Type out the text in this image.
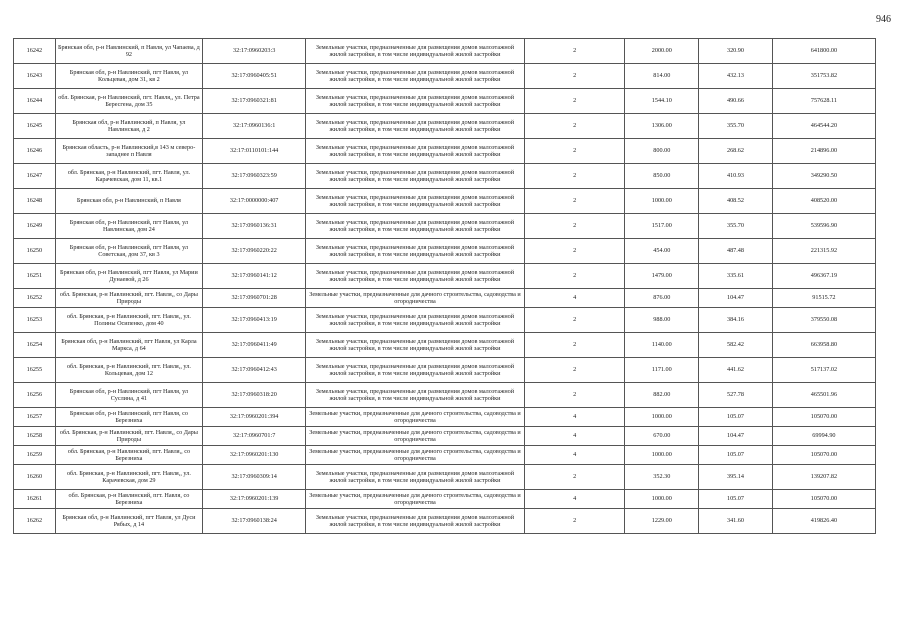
946
16242	Брянская обл, р-н Навлинский, п Навля, ул Чапаева, д 92	32:17:0960203:3	Земельные участки, предназначенные для размещения домов малоэтажной жилой застройки, в том числе индивидуальной жилой застройки	2	2000.00	320.90	641800.00
16243	Брянская обл, р-н Навлинский, пгт Навля, ул Кольцевая, дом 31, кв 2	32:17:0960405:51	Земельные участки, предназначенные для размещения домов малоэтажной жилой застройки, в том числе индивидуальной жилой застройки	2	814.00	432.13	351753.82
16244	обл. Брянская, р-н Навлинский, пгт. Навля,, ул. Петра Бересгена, дом 35	32:17:0960321:81	Земельные участки, предназначенные для размещения домов малоэтажной жилой застройки, в том числе индивидуальной жилой застройки	2	1544.10	490.66	757628.11
16245	Брянская обл, р-н Навлинский, п Навля, ул Навлинская, д 2	32:17:0960136:1	Земельные участки, предназначенные для размещения домов малоэтажной жилой застройки, в том числе индивидуальной жилой застройки	2	1306.00	355.70	464544.20
16246	Брянская область, р-н Навлинский,в 143 м северо-западнее п Навля	32:17:0110101:144	Земельные участки, предназначенные для размещения домов малоэтажной жилой застройки, в том числе индивидуальной жилой застройки	2	800.00	268.62	214896.00
16247	обл. Брянская, р-н Навлинский, пгт. Навля, ул. Карачевская, дом 11, кв.1	32:17:0960323:59	Земельные участки, предназначенные для размещения домов малоэтажной жилой застройки, в том числе индивидуальной жилой застройки	2	850.00	410.93	349290.50
16248	Брянская обл, р-н Навлинский, п Навля	32:17:0000000:407	Земельные участки, предназначенные для размещения домов малоэтажной жилой застройки, в том числе индивидуальной жилой застройки	2	1000.00	408.52	408520.00
16249	Брянская обл, р-н Навлинский, пгт Навля, ул Навлинская, дом 24	32:17:0960136:31	Земельные участки, предназначенные для размещения домов малоэтажной жилой застройки, в том числе индивидуальной жилой застройки	2	1517.00	355.70	539596.90
16250	Брянская обл, р-н Навлинский, пгт Навля, ул Советская, дом 37, кв 3	32:17:0960220:22	Земельные участки, предназначенные для размещения домов малоэтажной жилой застройки, в том числе индивидуальной жилой застройки	2	454.00	487.48	221315.92
16251	Брянская обл, р-н Навлинский, пгт Навля, ул Марии Дунаевой, д 26	32:17:0960141:12	Земельные участки, предназначенные для размещения домов малоэтажной жилой застройки, в том числе индивидуальной жилой застройки	2	1479.00	335.61	496367.19
16252	обл. Брянская, р-н Навлинский, пгт. Навля,, со Дары Природы	32:17:0960701:28	Земельные участки, предназначенные для дачного строительства, садоводства и огородничества	4	876.00	104.47	91515.72
16253	обл. Брянская, р-н Навлинский, пгт. Навля,, ул. Полины Осипенко, дом 40	32:17:0960413:19	Земельные участки, предназначенные для размещения домов малоэтажной жилой застройки, в том числе индивидуальной жилой застройки	2	988.00	384.16	379550.08
16254	Брянская обл, р-н Навлинский, пгт Навля, ул Карла Маркса, д 64	32:17:0960411:49	Земельные участки, предназначенные для размещения домов малоэтажной жилой застройки, в том числе индивидуальной жилой застройки	2	1140.00	582.42	663958.80
16255	обл. Брянская, р-н Навлинский, пгт. Навля,, ул. Кольцевая, дом 12	32:17:0960412:43	Земельные участки, предназначенные для размещения домов малоэтажной жилой застройки, в том числе индивидуальной жилой застройки	2	1171.00	441.62	517137.02
16256	Брянская обл, р-н Навлинский, пгт Навля, ул Суслина, д 41	32:17:0960318:20	Земельные участки, предназначенные для размещения домов малоэтажной жилой застройки, в том числе индивидуальной жилой застройки	2	882.00	527.78	465501.96
16257	Брянская обл, р-н Навлинский, пгт Навля, со Березниха	32:17:0960201:394	Земельные участки, предназначенные для дачного строительства, садоводства и огородничества	4	1000.00	105.07	105070.00
16258	обл. Брянская, р-н Навлинский, пгт. Навля,, со Дары Природы	32:17:0960701:7	Земельные участки, предназначенные для дачного строительства, садоводства и огородничества	4	670.00	104.47	69994.90
16259	обл. Брянская, р-н Навлинский, пгт. Навля,, со Березниха	32:17:0960201:130	Земельные участки, предназначенные для дачного строительства, садоводства и огородничества	4	1000.00	105.07	105070.00
16260	обл. Брянская, р-н Навлинский, пгт. Навля,, ул. Карачевская, дом 29	32:17:0960309:14	Земельные участки, предназначенные для размещения домов малоэтажной жилой застройки, в том числе индивидуальной жилой застройки	2	352.30	395.14	139207.82
16261	обл. Брянская, р-н Навлинский, пгт. Навля, со Березниха	32:17:0960201:139	Земельные участки, предназначенные для дачного строительства, садоводства и огородничества	4	1000.00	105.07	105070.00
16262	Брянская обл, р-н Навлинский, пгт Навля, ул Дуси Рябых, д 14	32:17:0960138:24	Земельные участки, предназначенные для размещения домов малоэтажной жилой застройки, в том числе индивидуальной жилой застройки	2	1229.00	341.60	419826.40
